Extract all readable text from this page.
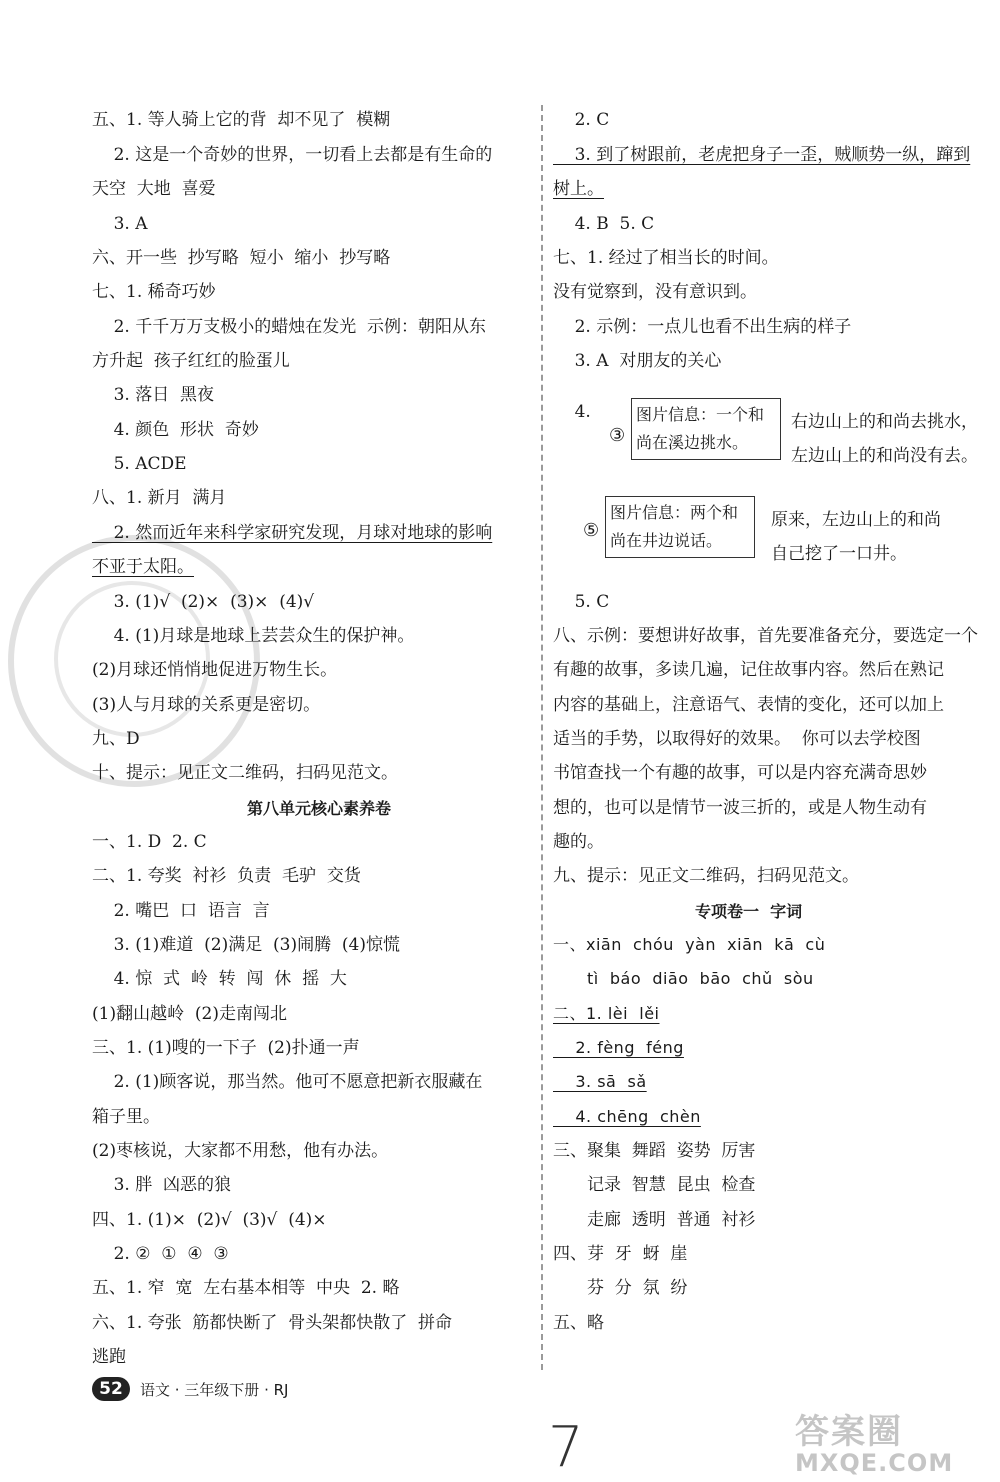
五、1. 等人骑上它的背  却不见了  模糊
2. 这是一个奇妙的世界，一切看上去都是有生命的
天空  大地  喜爱
3. A
六、开一些  抄写略  短小  缩小  抄写略
七、1. 稀奇巧妙
2. 千千万万支极小的蜡烛在发光  示例：朝阳从东
方升起  孩子红红的脸蛋儿
3. 落日  黑夜
4. 颜色  形状  奇妙
5. ACDE
八、1. 新月  满月
2. 然而近年来科学家研究发现，月球对地球的影响
不亚于太阳。
3. (1)√  (2)×  (3)×  (4)√
4. (1)月球是地球上芸芸众生的保护神。
(2)月球还悄悄地促进万物生长。
(3)人与月球的关系更是密切。
九、D
十、提示：见正文二维码，扫码见范文。
第八单元核心素养卷
一、1. D  2. C
二、1. 夸奖  衬衫  负责  毛驴  交货
2. 嘴巴  口  语言  言
3. (1)难道  (2)满足  (3)闹腾  (4)惊慌
4. 惊  式  岭  转  闯  休  摇  大
(1)翻山越岭  (2)走南闯北
三、1. (1)嗖的一下子  (2)扑通一声
2. (1)顾客说，那当然。他可不愿意把新衣服藏在
箱子里。
(2)枣核说，大家都不用愁，他有办法。
3. 胖  凶恶的狼
四、1. (1)×  (2)√  (3)√  (4)×
2. ②  ①  ④  ③
五、1. 窄  宽  左右基本相等  中央  2. 略
六、1. 夸张  筋都快断了  骨头架都快散了  拼命
逃跑
2. C
3. 到了树跟前，老虎把身子一歪，贼顺势一纵，蹿到
树上。
4. B  5. C
七、1. 经过了相当长的时间。
没有觉察到，没有意识到。
2. 示例：一点儿也看不出生病的样子
3. A  对朋友的关心
4.
③
图片信息：一个和
尚在溪边挑水。
右边山上的和尚去挑水，
左边山上的和尚没有去。
⑤
图片信息：两个和
尚在井边说话。
原来，左边山上的和尚
自己挖了一口井。
5. C
八、示例：要想讲好故事，首先要准备充分，要选定一个
有趣的故事，多读几遍，记住故事内容。然后在熟记
内容的基础上，注意语气、表情的变化，还可以加上
适当的手势，以取得好的效果。  你可以去学校图
书馆查找一个有趣的故事，可以是内容充满奇思妙
想的，也可以是情节一波三折的，或是人物生动有
趣的。
九、提示：见正文二维码，扫码见范文。
专项卷一  字词
一、xiān  chóu  yàn  xiān  kā  cù
tì  báo  diāo  bāo  chǔ  sòu
二、1. lèi  lěi
2. fèng  féng
3. sā  sǎ
4. chēng  chèn
三、聚集  舞蹈  姿势  厉害
记录  智慧  昆虫  检查
走廊  透明  普通  衬衫
四、芽  牙  蚜  崖
芬  分  氛  纷
五、略
52	语文 · 三年级下册 · RJ
7	答案圈
MXQE.COM
